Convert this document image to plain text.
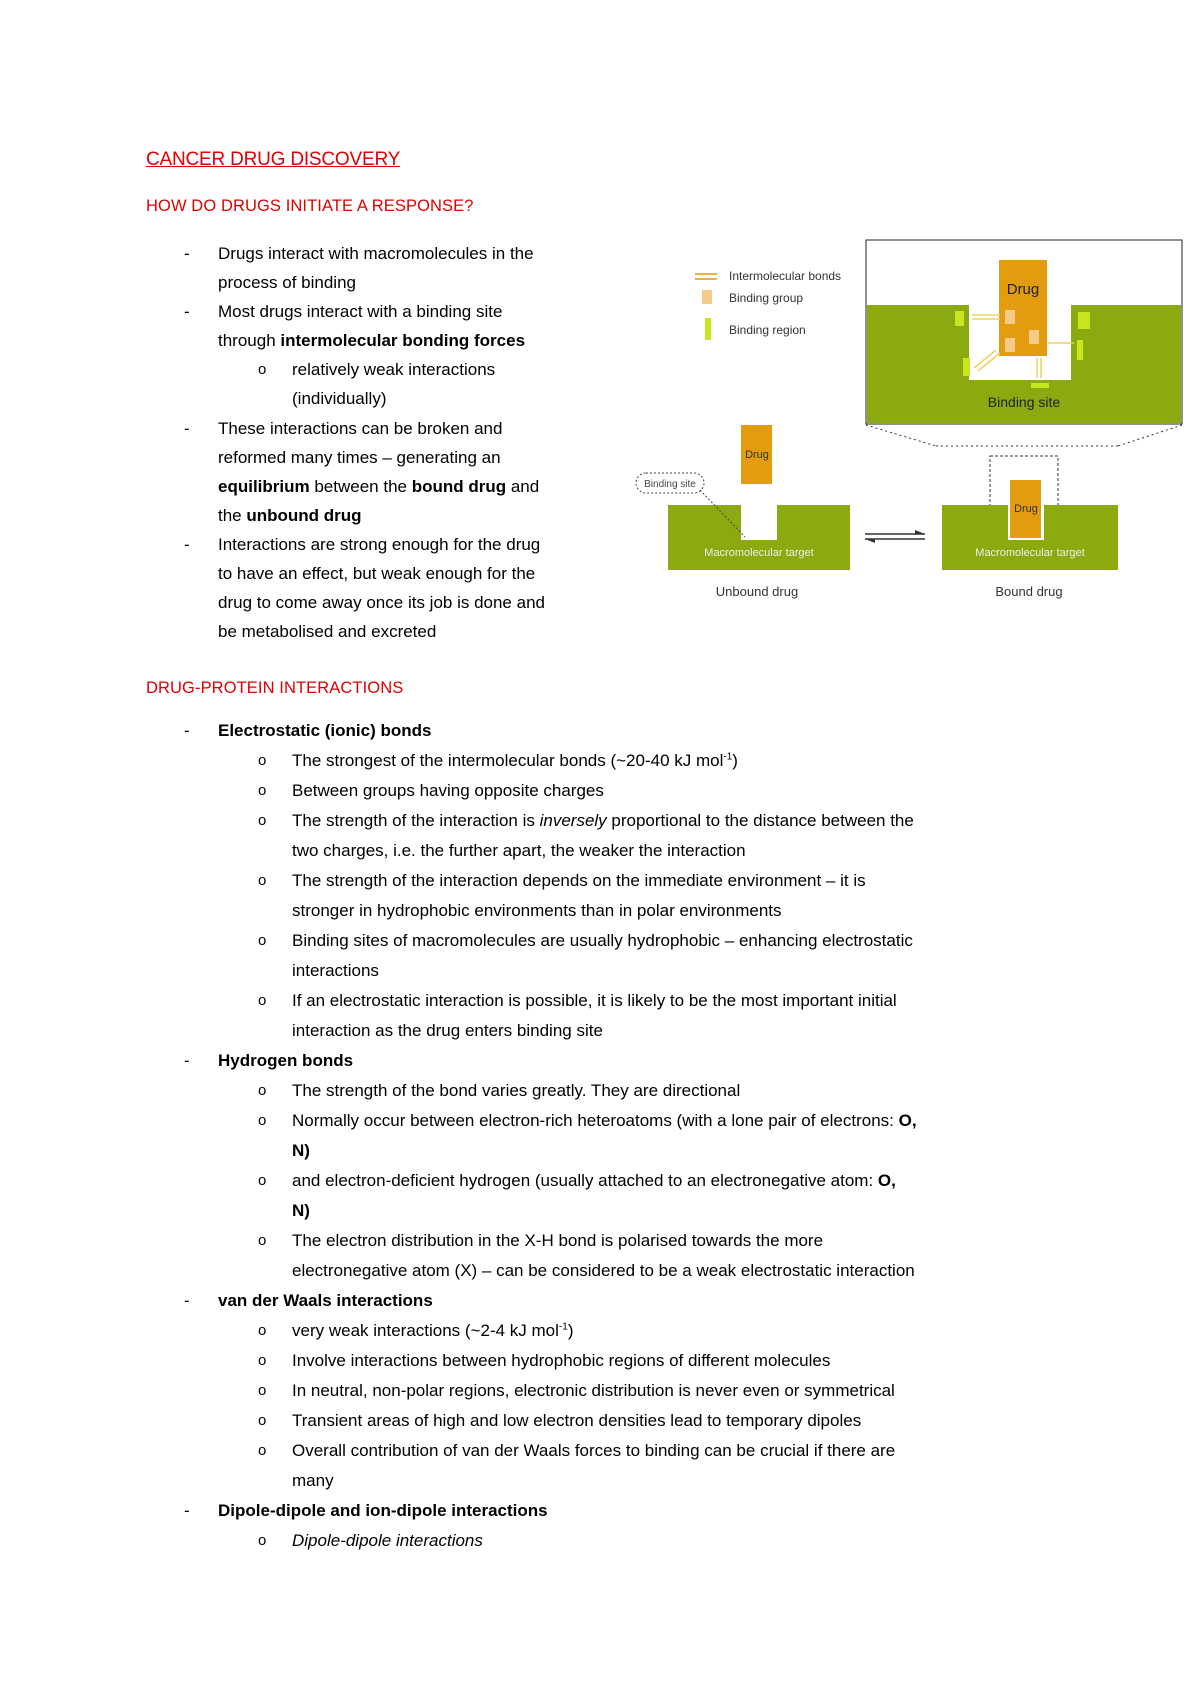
CANCER DRUG DISCOVERY
HOW DO DRUGS INITIATE A RESPONSE?
- Drugs interact with macromolecules in the
process of binding
- Most drugs interact with a binding site
through intermolecular bonding forces
o relatively weak interactions
(individually)
- These interactions can be broken and
reformed many times – generating an
equilibrium between the bound drug and
the unbound drug
- Interactions are strong enough for the drug
to have an effect, but weak enough for the
drug to come away once its job is done and
be metabolised and excreted
Intermolecular bonds
Binding group
Binding region
Drug
Binding site
Drug
Macromolecular target
Binding site
Drug
Macromolecular target
Unbound drug	Bound drug
DRUG-PROTEIN INTERACTIONS
- Electrostatic (ionic) bonds
o The strongest of the intermolecular bonds (~20-40 kJ mol$^{-1}$)
o Between groups having opposite charges
o The strength of the interaction is inversely proportional to the distance between the
two charges, i.e. the further apart, the weaker the interaction
o The strength of the interaction depends on the immediate environment – it is
stronger in hydrophobic environments than in polar environments
o Binding sites of macromolecules are usually hydrophobic – enhancing electrostatic
interactions
o If an electrostatic interaction is possible, it is likely to be the most important initial
interaction as the drug enters binding site
- Hydrogen bonds
o The strength of the bond varies greatly. They are directional
o Normally occur between electron-rich heteroatoms (with a lone pair of electrons: O,
N)
o and electron-deficient hydrogen (usually attached to an electronegative atom: O,
N)
o The electron distribution in the X-H bond is polarised towards the more
electronegative atom (X) – can be considered to be a weak electrostatic interaction
- van der Waals interactions
o very weak interactions (~2-4 kJ mol$^{-1}$)
o Involve interactions between hydrophobic regions of different molecules
o In neutral, non-polar regions, electronic distribution is never even or symmetrical
o Transient areas of high and low electron densities lead to temporary dipoles
o Overall contribution of van der Waals forces to binding can be crucial if there are
many
- Dipole-dipole and ion-dipole interactions
o Dipole-dipole interactions
